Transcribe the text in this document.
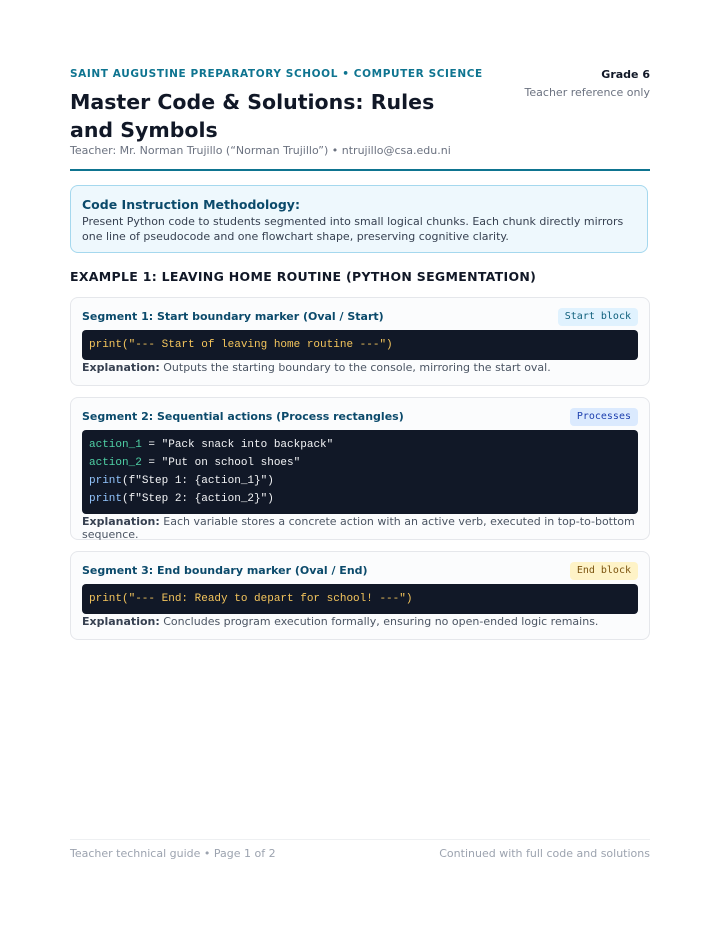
SAINT AUGUSTINE PREPARATORY SCHOOL • COMPUTER SCIENCE
Master Code & Solutions: Rules and Symbols
Teacher: Mr. Norman Trujillo (“Norman Trujillo”) • ntrujillo@csa.edu.ni
Grade 6
Teacher reference only
Code Instruction Methodology:
Present Python code to students segmented into small logical chunks. Each chunk directly mirrors one line of pseudocode and one flowchart shape, preserving cognitive clarity.
EXAMPLE 1: LEAVING HOME ROUTINE (PYTHON SEGMENTATION)
Segment 1: Start boundary marker (Oval / Start)	Start block
print("--- Start of leaving home routine ---")
Explanation: Outputs the starting boundary to the console, mirroring the start oval.
Segment 2: Sequential actions (Process rectangles)	Processes
action_1 = "Pack snack into backpack"
action_2 = "Put on school shoes"
print(f"Step 1: {action_1}")
print(f"Step 2: {action_2}")
Explanation: Each variable stores a concrete action with an active verb, executed in top-to-bottom sequence.
Segment 3: End boundary marker (Oval / End)	End block
print("--- End: Ready to depart for school! ---")
Explanation: Concludes program execution formally, ensuring no open-ended logic remains.
Teacher technical guide • Page 1 of 2	Continued with full code and solutions
